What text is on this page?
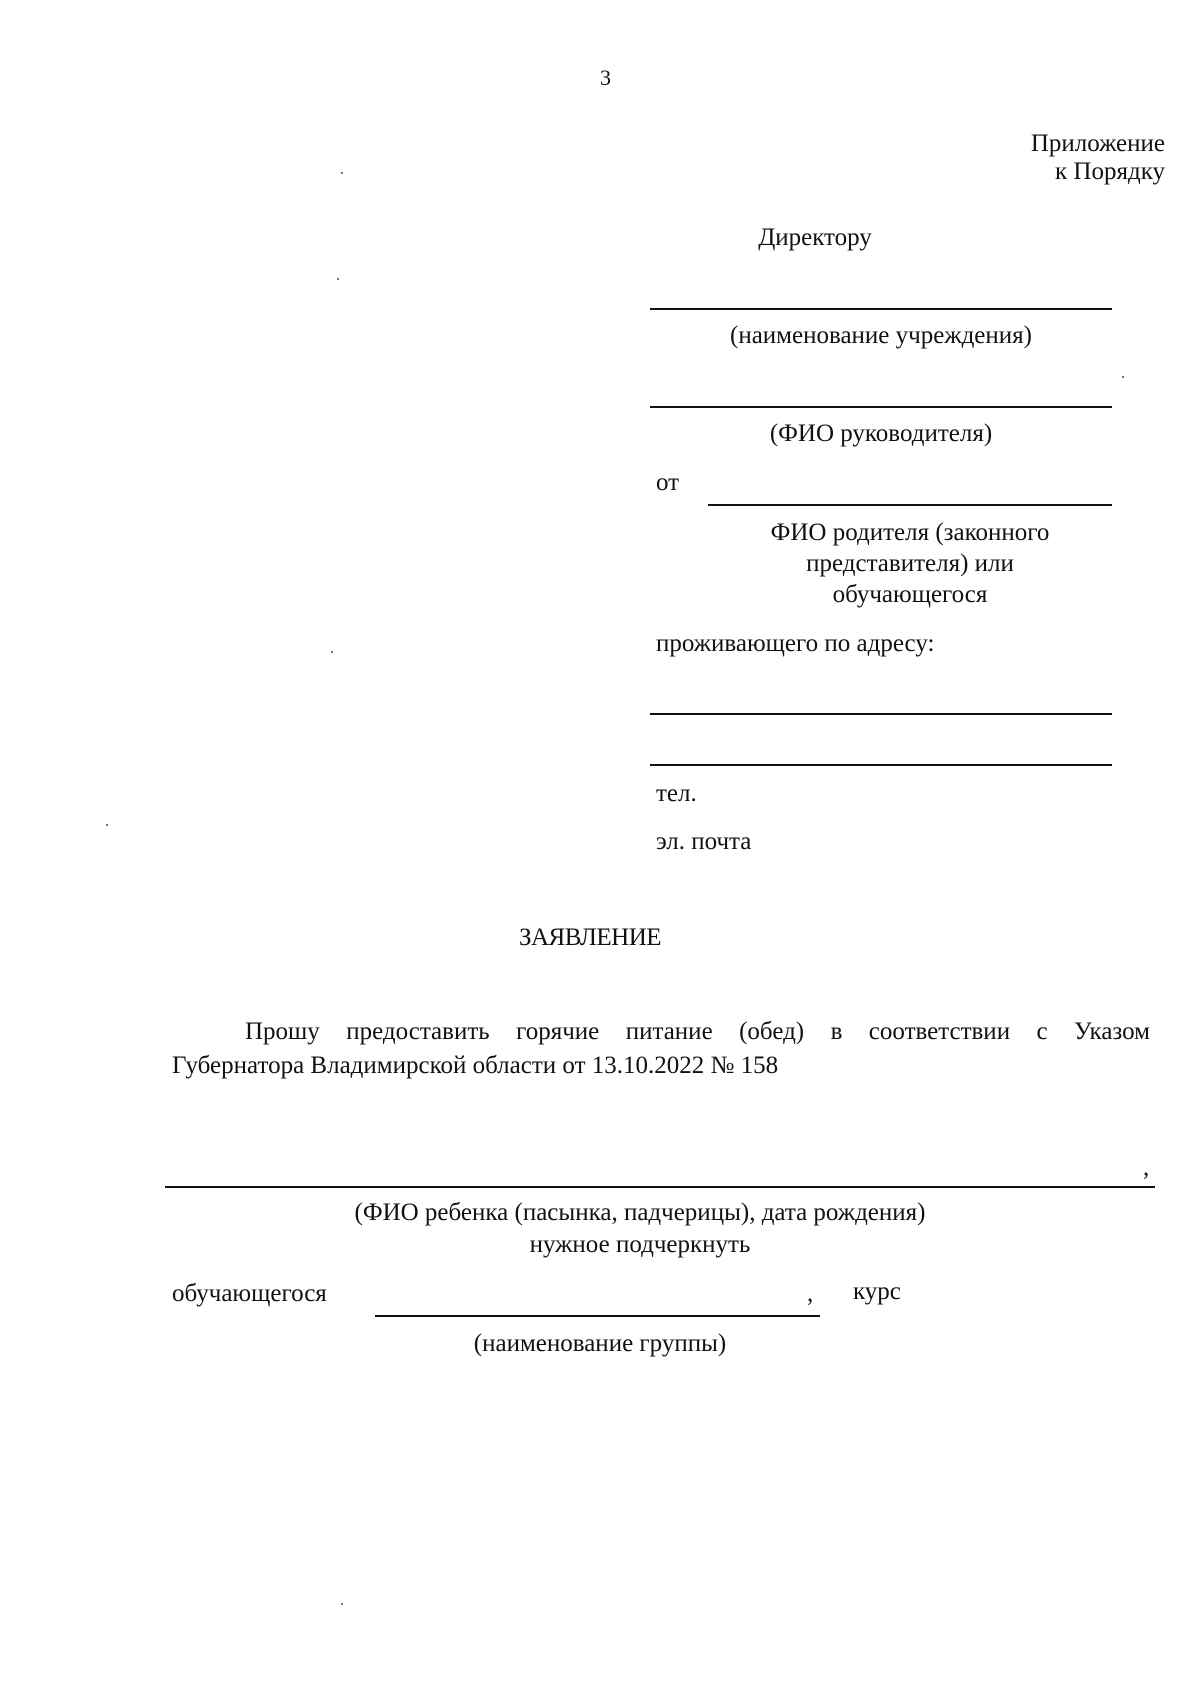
3
Приложение
к Порядку
Директору
(наименование учреждения)
(ФИО руководителя)
от
ФИО родителя (законного
представителя) или
обучающегося
проживающего по адресу:
тел.
эл. почта
ЗАЯВЛЕНИЕ
Прошу предоставить горячие питание (обед) в соответствии с Указом
Губернатора Владимирской области от 13.10.2022 № 158
,
(ФИО ребенка (пасынка, падчерицы), дата рождения)
нужное подчеркнуть
обучающегося	, курс
(наименование группы)
